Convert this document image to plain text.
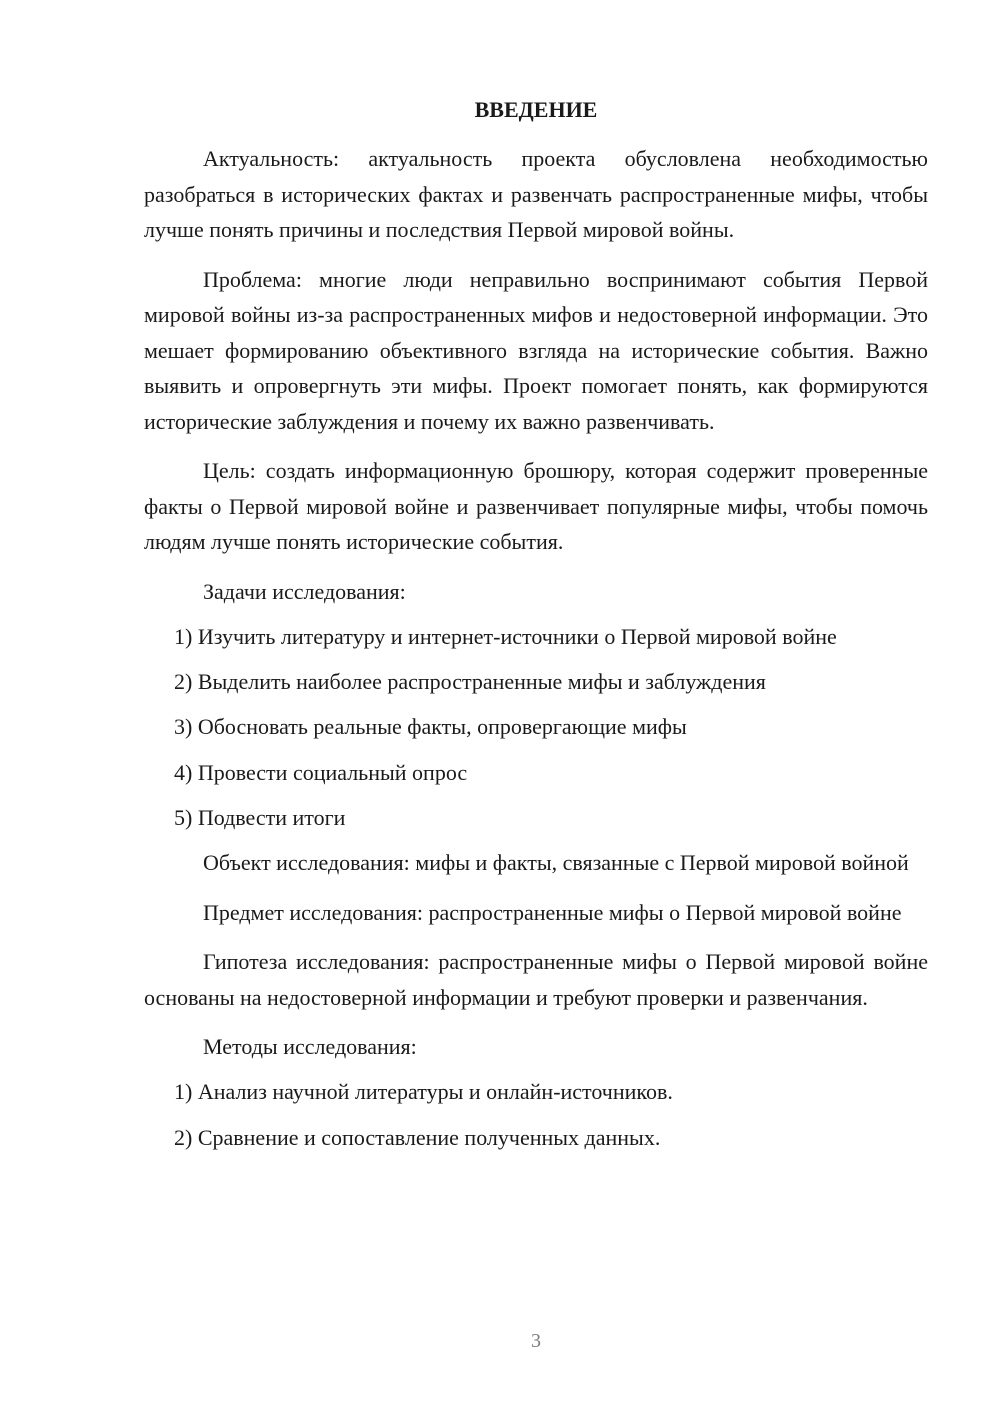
ВВЕДЕНИЕ

Актуальность: актуальность проекта обусловлена необходимостью разобраться в исторических фактах и развенчать распространенные мифы, чтобы лучше понять причины и последствия Первой мировой войны.

Проблема: многие люди неправильно воспринимают события Первой мировой войны из-за распространенных мифов и недостоверной информации. Это мешает формированию объективного взгляда на исторические события. Важно выявить и опровергнуть эти мифы. Проект помогает понять, как формируются исторические заблуждения и почему их важно развенчивать.

Цель: создать информационную брошюру, которая содержит проверенные факты о Первой мировой войне и развенчивает популярные мифы, чтобы помочь людям лучше понять исторические события.

Задачи исследования:
1) Изучить литературу и интернет-источники о Первой мировой войне
2) Выделить наиболее распространенные мифы и заблуждения
3) Обосновать реальные факты, опровергающие мифы
4) Провести социальный опрос
5) Подвести итоги

Объект исследования: мифы и факты, связанные с Первой мировой войной

Предмет исследования: распространенные мифы о Первой мировой войне

Гипотеза исследования: распространенные мифы о Первой мировой войне основаны на недостоверной информации и требуют проверки и развенчания.

Методы исследования:
1) Анализ научной литературы и онлайн-источников.
2) Сравнение и сопоставление полученных данных.
3
